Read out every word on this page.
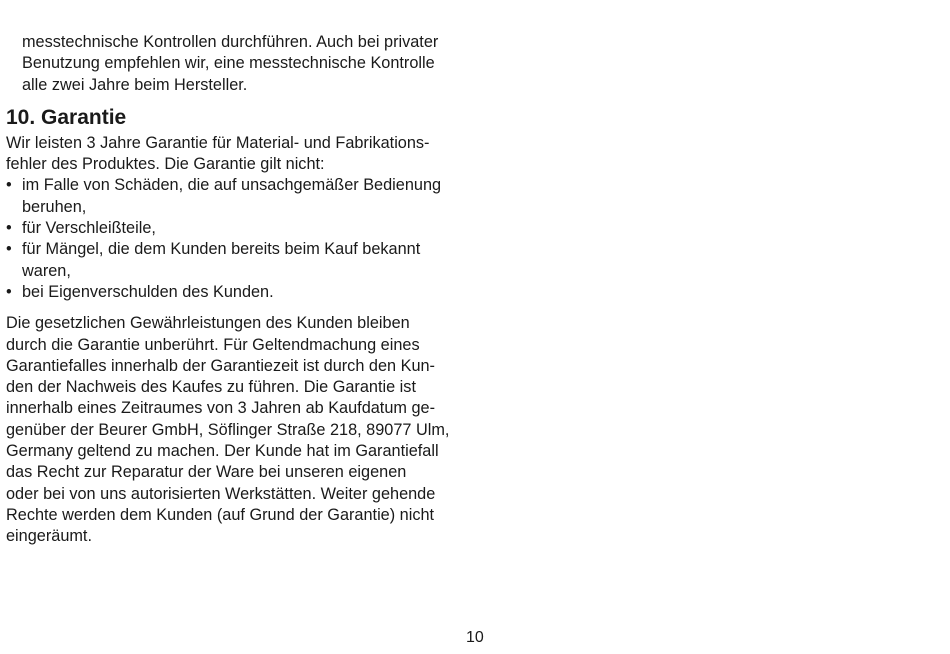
messtechnische Kontrollen durchführen. Auch bei privater
Benutzung empfehlen wir, eine messtechnische Kontrolle
alle zwei Jahre beim Hersteller.
10. Garantie
Wir leisten 3 Jahre Garantie für Material- und Fabrikations-
fehler des Produktes. Die Garantie gilt nicht:
• im Falle von Schäden, die auf unsachgemäßer Bedienung
beruhen,
• für Verschleißteile,
• für Mängel, die dem Kunden bereits beim Kauf bekannt
waren,
• bei Eigenverschulden des Kunden.
Die gesetzlichen Gewährleistungen des Kunden bleiben
durch die Garantie unberührt. Für Geltendmachung eines
Garantiefalles innerhalb der Garantiezeit ist durch den Kun-
den der Nachweis des Kaufes zu führen. Die Garantie ist
innerhalb eines Zeitraumes von 3 Jahren ab Kaufdatum ge-
genüber der Beurer GmbH, Söflinger Straße 218, 89077 Ulm,
Germany geltend zu machen. Der Kunde hat im Garantiefall
das Recht zur Reparatur der Ware bei unseren eigenen
oder bei von uns autorisierten Werkstätten. Weiter gehende
Rechte werden dem Kunden (auf Grund der Garantie) nicht
eingeräumt.
10
